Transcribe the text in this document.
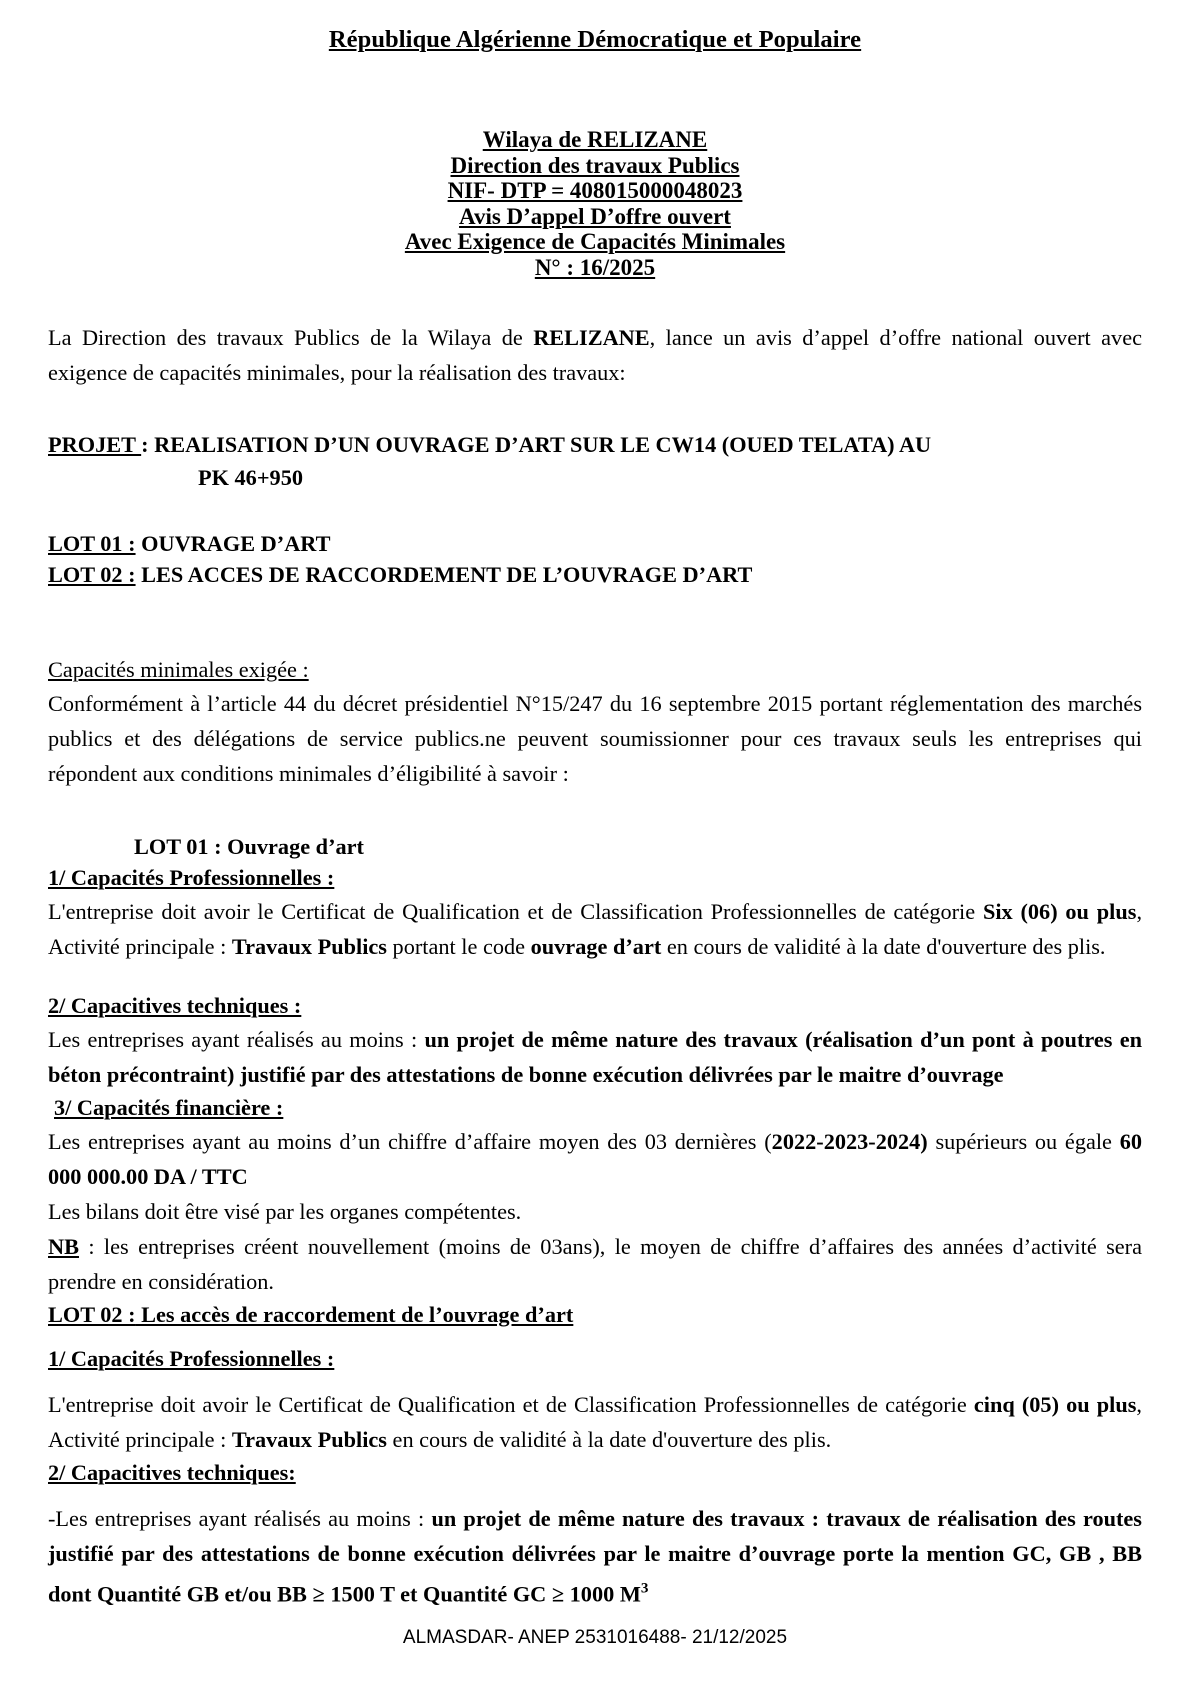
République Algérienne Démocratique et Populaire
Wilaya de RELIZANE
Direction des travaux Publics
NIF- DTP = 408015000048023
Avis D’appel D’offre ouvert
Avec Exigence de Capacités Minimales
N° : 16/2025
La Direction des travaux Publics de la Wilaya de RELIZANE, lance un avis d’appel d’offre national ouvert avec exigence de capacités minimales, pour la réalisation des travaux:
PROJET : REALISATION D’UN OUVRAGE D’ART SUR LE CW14 (OUED TELATA) AU
PK 46+950
LOT 01 : OUVRAGE D’ART
LOT 02 : LES ACCES DE RACCORDEMENT DE L’OUVRAGE D’ART
Capacités minimales exigée :
Conformément à l’article 44 du décret présidentiel N°15/247 du 16 septembre 2015 portant réglementation des marchés publics et des délégations de service publics.ne peuvent soumissionner pour ces travaux seuls les entreprises qui répondent aux conditions minimales d’éligibilité à savoir :
LOT 01 : Ouvrage d’art
1/ Capacités Professionnelles :
L'entreprise doit avoir le Certificat de Qualification et de Classification Professionnelles de catégorie Six (06) ou plus, Activité principale : Travaux Publics portant le code ouvrage d’art en cours de validité à la date d'ouverture des plis.
2/ Capacitives techniques :
Les entreprises ayant réalisés au moins : un projet de même nature des travaux (réalisation d’un pont à poutres en béton précontraint) justifié par des attestations de bonne exécution délivrées par le maitre d’ouvrage
3/ Capacités financière :
Les entreprises ayant au moins d’un chiffre d’affaire moyen des 03 dernières (2022-2023-2024) supérieurs ou égale 60 000 000.00 DA / TTC
Les bilans doit être visé par les organes compétentes.
NB : les entreprises créent nouvellement (moins de 03ans), le moyen de chiffre d’affaires des années d’activité sera prendre en considération.
LOT 02 : Les accès de raccordement de l’ouvrage d’art
1/ Capacités Professionnelles :
L'entreprise doit avoir le Certificat de Qualification et de Classification Professionnelles de catégorie cinq (05) ou plus, Activité principale : Travaux Publics en cours de validité à la date d'ouverture des plis.
2/ Capacitives techniques:
-Les entreprises ayant réalisés au moins : un projet de même nature des travaux : travaux de réalisation des routes justifié par des attestations de bonne exécution délivrées par le maitre d’ouvrage porte la mention GC, GB , BB dont Quantité GB et/ou BB ≥ 1500 T et Quantité GC ≥ 1000 $M^3$
ALMASDAR- ANEP 2531016488- 21/12/2025
